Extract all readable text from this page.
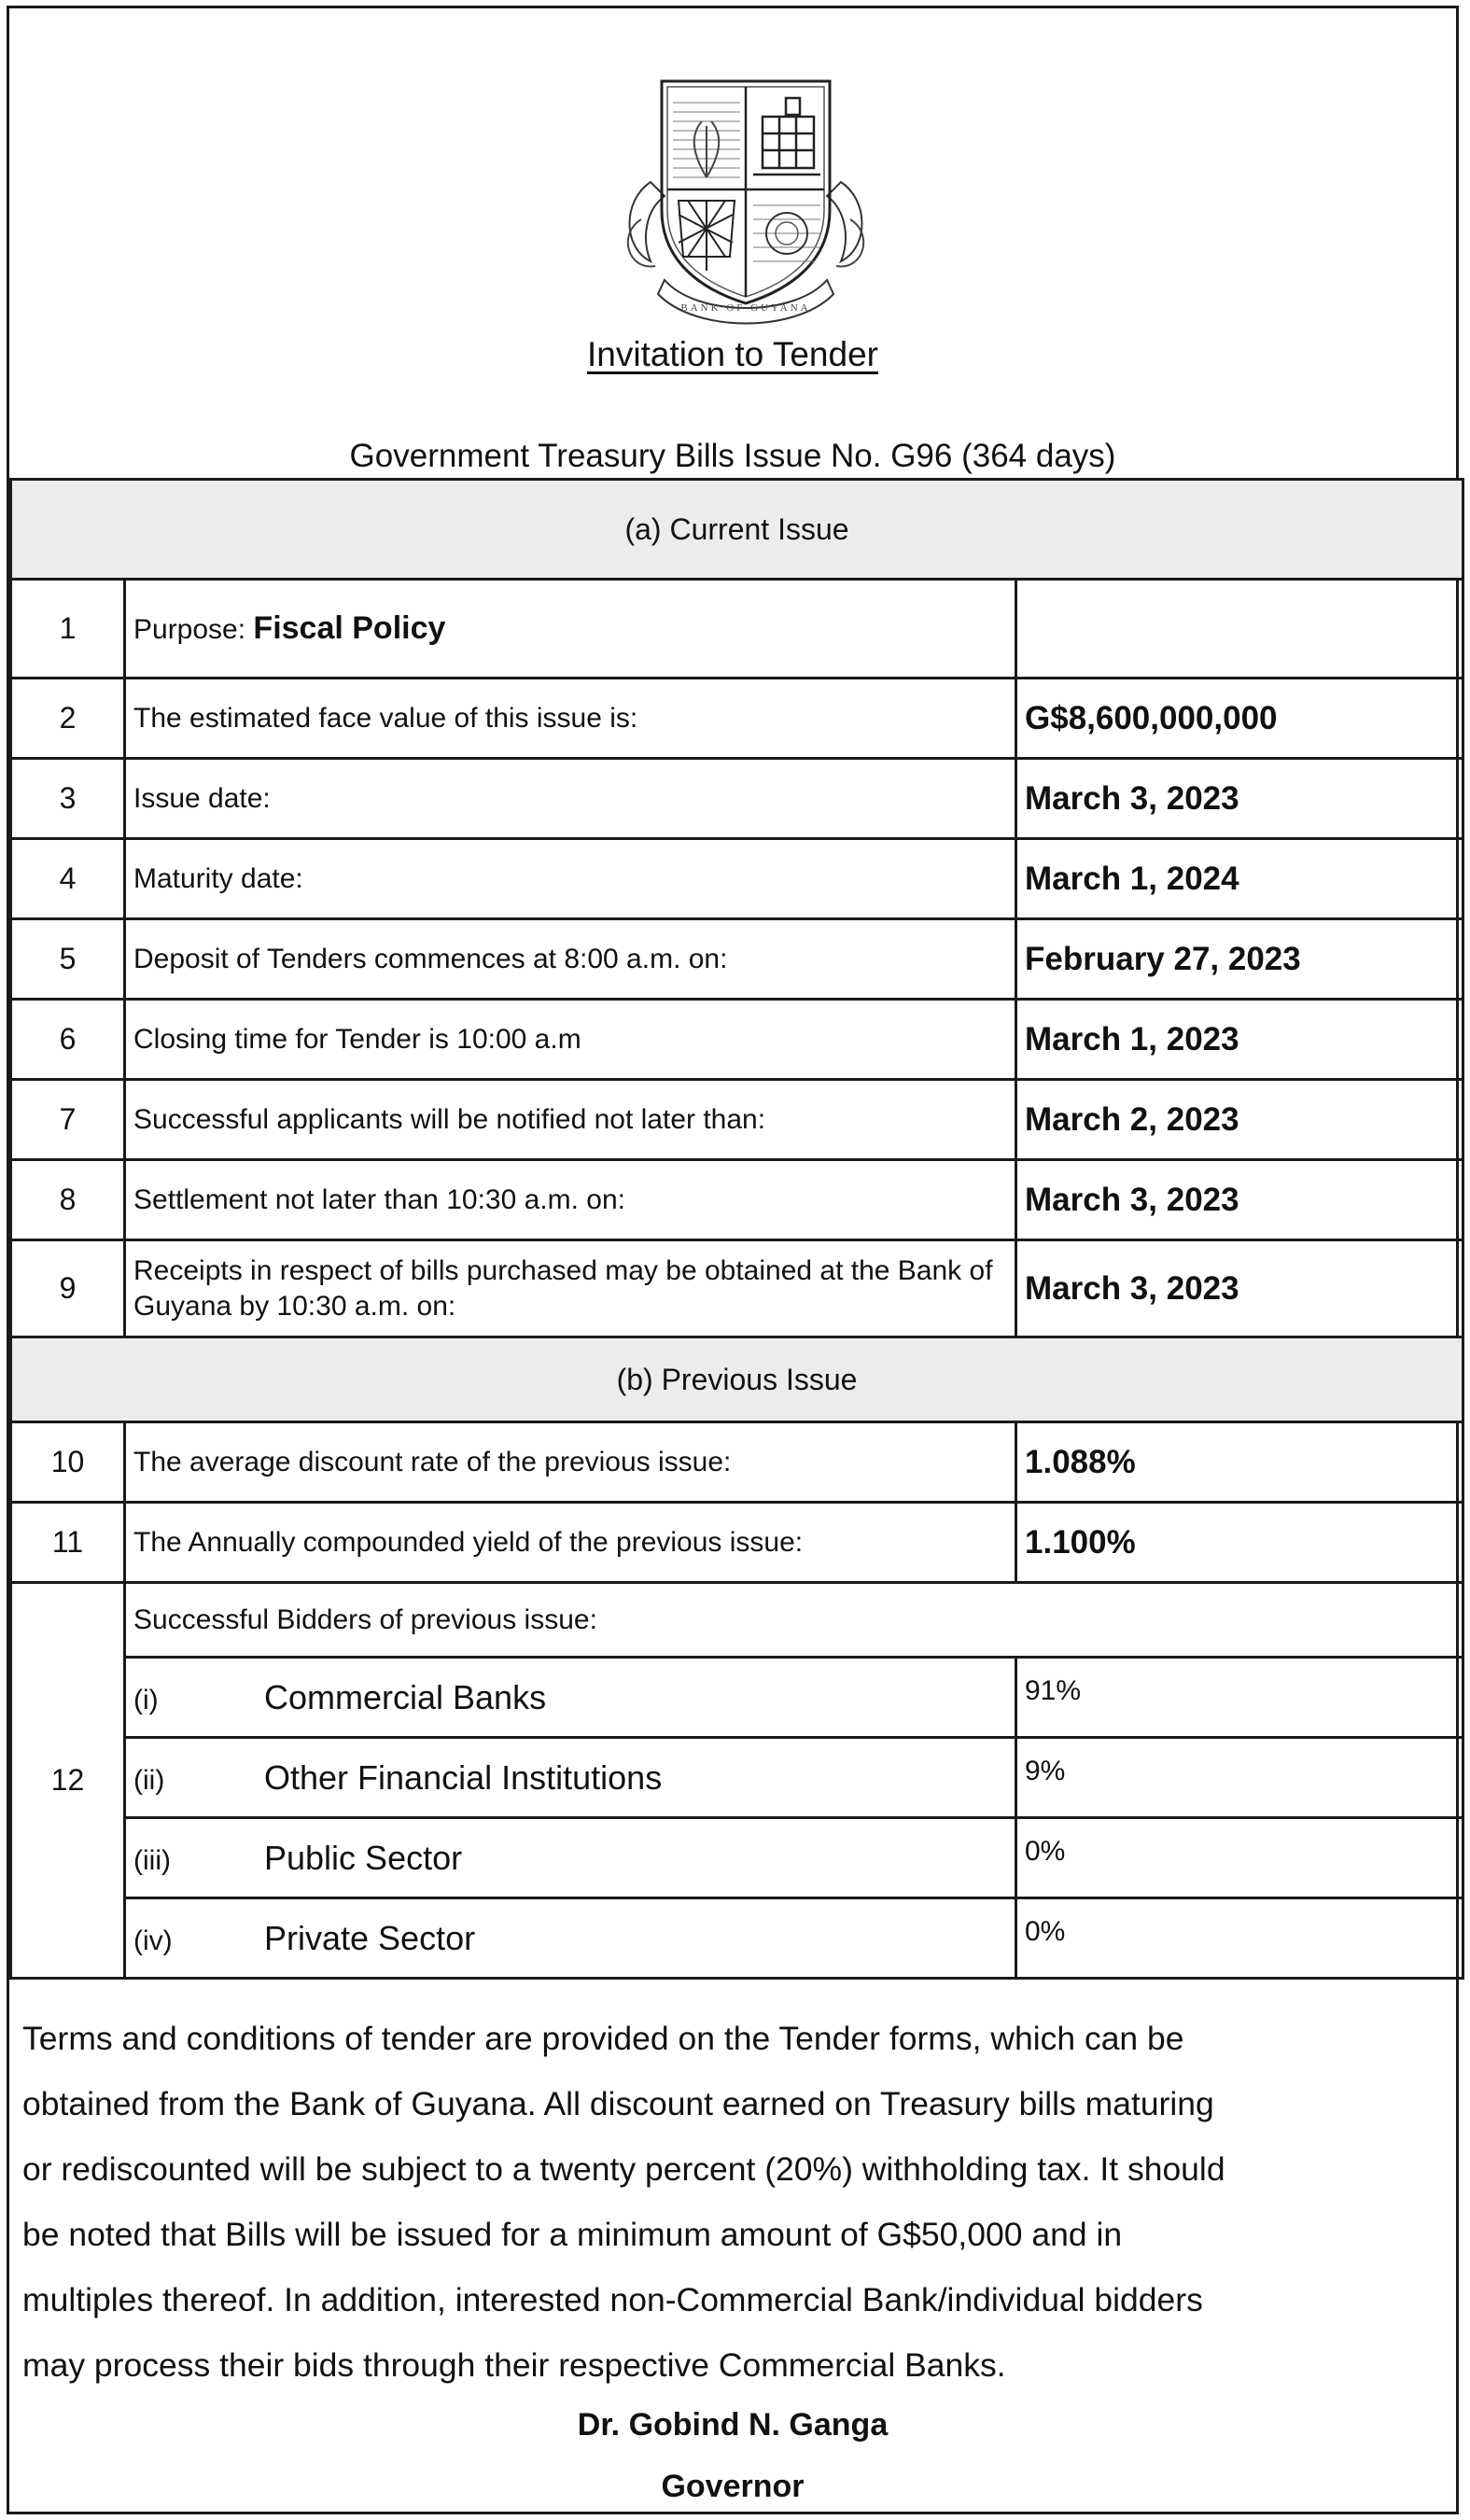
BANK OF GUYANA
Invitation to Tender
Government Treasury Bills Issue No. G96 (364 days)
(a) Current Issue		
1	Purpose: Fiscal Policy	
2	The estimated face value of this issue is:	G$8,600,000,000
3	Issue date:	March 3, 2023
4	Maturity date:	March 1, 2024
5	Deposit of Tenders commences at 8:00 a.m. on:	February 27, 2023
6	Closing time for Tender is 10:00 a.m	March 1, 2023
7	Successful applicants will be notified not later than:	March 2, 2023
8	Settlement not later than 10:30 a.m. on:	March 3, 2023
9	Receipts in respect of bills purchased may be obtained at the Bank of Guyana by 10:30 a.m. on:	March 3, 2023
(b) Previous Issue		
10	The average discount rate of the previous issue:	1.088%
11	The Annually compounded yield of the previous issue:	1.100%
12	Successful Bidders of previous issue:	
	(i) Commercial Banks	91%
	(ii) Other Financial Institutions	9%
	(iii) Public Sector	0%
	(iv) Private Sector	0%
Terms and conditions of tender are provided on the Tender forms, which can be
obtained from the Bank of Guyana. All discount earned on Treasury bills maturing
or rediscounted will be subject to a twenty percent (20%) withholding tax. It should
be noted that Bills will be issued for a minimum amount of G$50,000 and in
multiples thereof. In addition, interested non-Commercial Bank/individual bidders
may process their bids through their respective Commercial Banks.
Dr. Gobind N. Ganga
Governor
